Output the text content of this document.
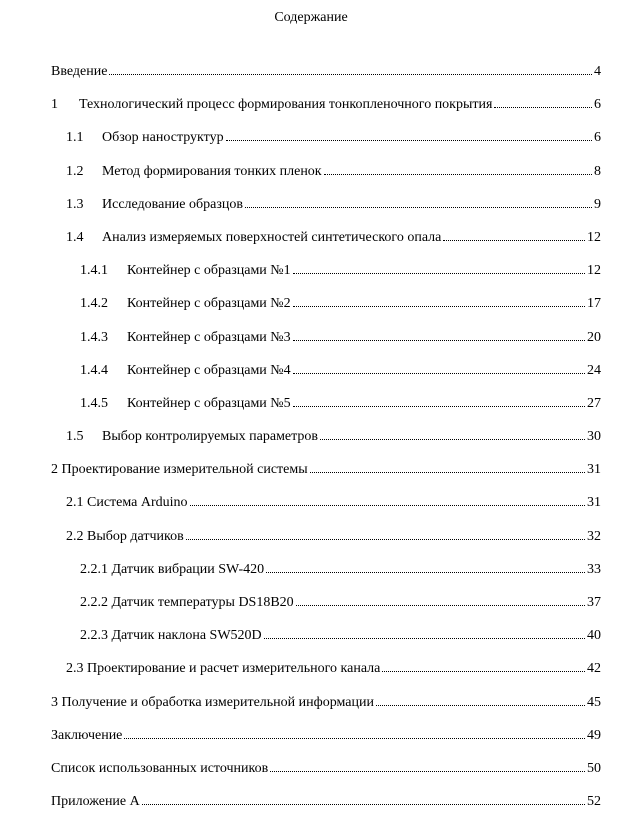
Содержание
Введение	4
1	Технологический процесс формирования тонкопленочного покрытия	6
1.1	Обзор наноструктур	6
1.2	Метод формирования тонких пленок	8
1.3	Исследование образцов	9
1.4	Анализ измеряемых поверхностей синтетического опала	12
1.4.1	Контейнер с образцами №1	12
1.4.2	Контейнер с образцами №2	17
1.4.3	Контейнер с образцами №3	20
1.4.4	Контейнер с образцами №4	24
1.4.5	Контейнер с образцами №5	27
1.5	Выбор контролируемых параметров	30
2 Проектирование измерительной системы	31
2.1 Система Arduino	31
2.2 Выбор датчиков	32
2.2.1 Датчик вибрации SW-420	33
2.2.2 Датчик температуры DS18B20	37
2.2.3 Датчик наклона SW520D	40
2.3 Проектирование и расчет измерительного канала	42
3 Получение и обработка измерительной информации	45
Заключение	49
Список использованных источников	50
Приложение А	52
